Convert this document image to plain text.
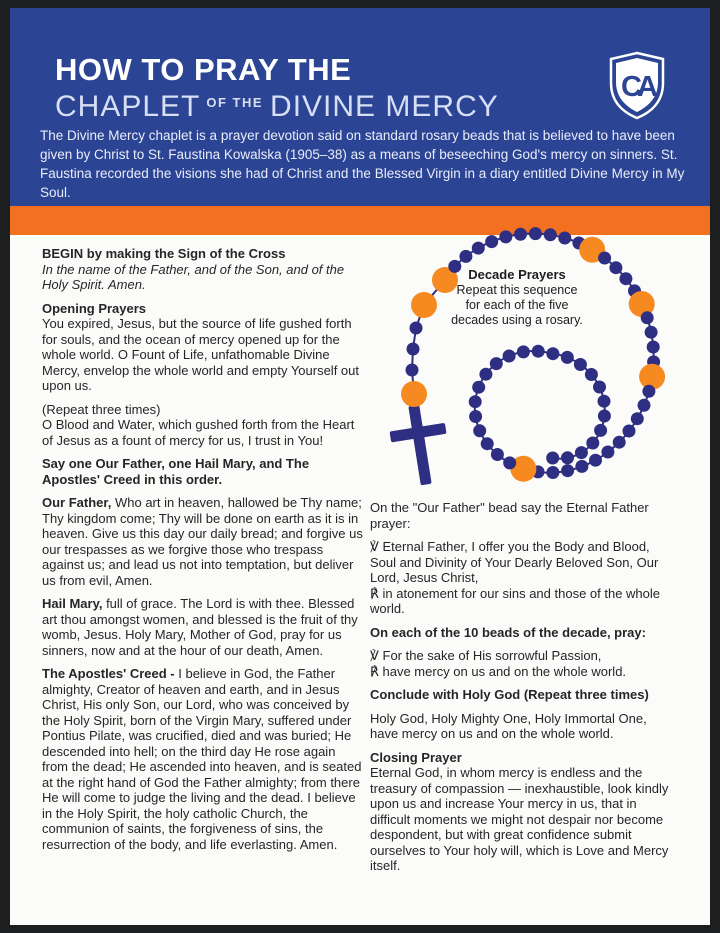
HOW TO PRAY THE
CHAPLET $^{OF THE}$ DIVINE MERCY
CA
The Divine Mercy chaplet is a prayer devotion said on standard rosary beads that is believed to have been given by Christ to St. Faustina Kowalska (1905–38) as a means of beseeching God's mercy on sinners. St. Faustina recorded the visions she had of Christ and the Blessed Virgin in a diary entitled Divine Mercy in My Soul.
Decade Prayers
Repeat this sequence for each of the five decades using a rosary.
BEGIN by making the Sign of the Cross
In the name of the Father, and of the Son, and of the Holy Spirit. Amen.
Opening Prayers
You expired, Jesus, but the source of life gushed forth for souls, and the ocean of mercy opened up for the whole world. O Fount of Life, unfathomable Divine Mercy, envelop the whole world and empty Yourself out upon us.
(Repeat three times)
O Blood and Water, which gushed forth from the Heart of Jesus as a fount of mercy for us, I trust in You!
Say one Our Father, one Hail Mary, and The Apostles' Creed in this order.
Our Father, Who art in heaven, hallowed be Thy name; Thy kingdom come; Thy will be done on earth as it is in heaven. Give us this day our daily bread; and forgive us our trespasses as we forgive those who trespass against us; and lead us not into temptation, but deliver us from evil, Amen.
Hail Mary, full of grace. The Lord is with thee. Blessed art thou amongst women, and blessed is the fruit of thy womb, Jesus. Holy Mary, Mother of God, pray for us sinners, now and at the hour of our death, Amen.
The Apostles' Creed - I believe in God, the Father almighty, Creator of heaven and earth, and in Jesus Christ, His only Son, our Lord, who was conceived by the Holy Spirit, born of the Virgin Mary, suffered under Pontius Pilate, was crucified, died and was buried; He descended into hell; on the third day He rose again from the dead; He ascended into heaven, and is seated at the right hand of God the Father almighty; from there He will come to judge the living and the dead. I believe in the Holy Spirit, the holy catholic Church, the communion of saints, the forgiveness of sins, the resurrection of the body, and life everlasting. Amen.
On the "Our Father" bead say the Eternal Father prayer:
℣ Eternal Father, I offer you the Body and Blood, Soul and Divinity of Your Dearly Beloved Son, Our Lord, Jesus Christ,
℟ in atonement for our sins and those of the whole world.
On each of the 10 beads of the decade, pray:
℣ For the sake of His sorrowful Passion,
℟ have mercy on us and on the whole world.
Conclude with Holy God (Repeat three times)
Holy God, Holy Mighty One, Holy Immortal One, have mercy on us and on the whole world.
Closing Prayer
Eternal God, in whom mercy is endless and the treasury of compassion — inexhaustible, look kindly upon us and increase Your mercy in us, that in difficult moments we might not despair nor become despondent, but with great confidence submit ourselves to Your holy will, which is Love and Mercy itself.
